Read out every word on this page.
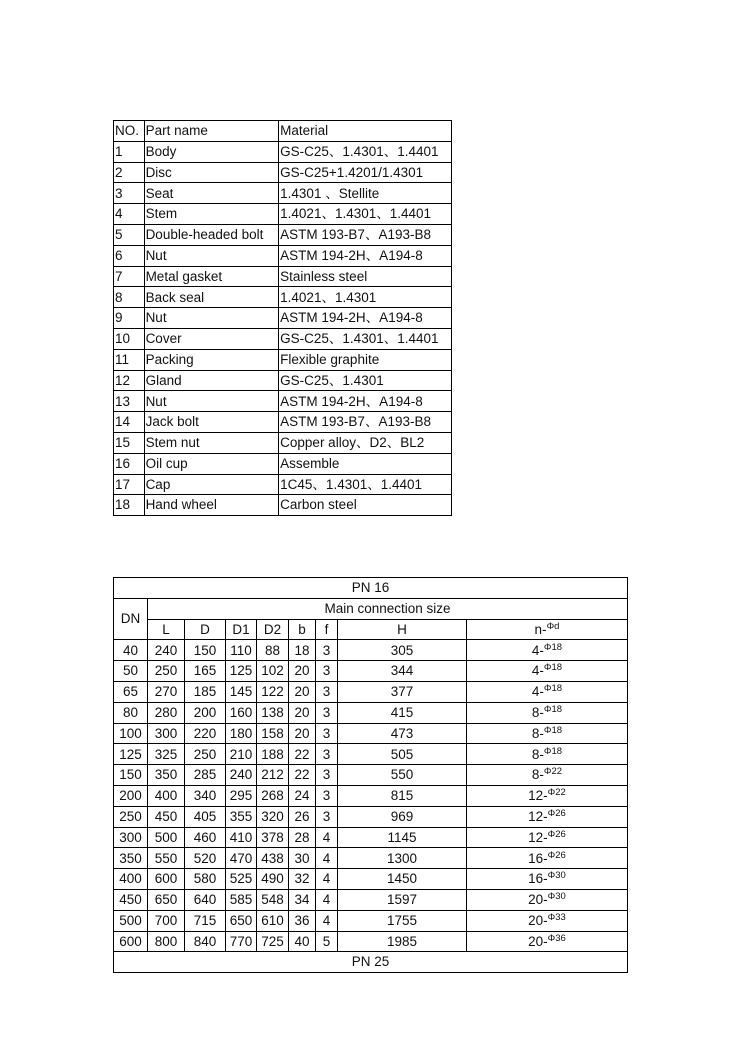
NO.	Part name	Material
1	Body	GS-C25、1.4301、1.4401
2	Disc	GS-C25+1.4201/1.4301
3	Seat	1.4301 、Stellite
4	Stem	1.4021、1.4301、1.4401
5	Double-headed bolt	ASTM 193-B7、A193-B8
6	Nut	ASTM 194-2H、A194-8
7	Metal gasket	Stainless steel
8	Back seal	1.4021、1.4301
9	Nut	ASTM 194-2H、A194-8
10	Cover	GS-C25、1.4301、1.4401
11	Packing	Flexible graphite
12	Gland	GS-C25、1.4301
13	Nut	ASTM 194-2H、A194-8
14	Jack bolt	ASTM 193-B7、A193-B8
15	Stem nut	Copper alloy、D2、BL2
16	Oil cup	Assemble
17	Cap	1C45、1.4301、1.4401
18	Hand wheel	Carbon steel
PN 16								
DN	Main connection size							
	L	D	D1	D2	b	f	H	n-$^{\Phi d}$
40	240	150	110	88	18	3	305	4-$^{\Phi 18}$
50	250	165	125	102	20	3	344	4-$^{\Phi 18}$
65	270	185	145	122	20	3	377	4-$^{\Phi 18}$
80	280	200	160	138	20	3	415	8-$^{\Phi 18}$
100	300	220	180	158	20	3	473	8-$^{\Phi 18}$
125	325	250	210	188	22	3	505	8-$^{\Phi 18}$
150	350	285	240	212	22	3	550	8-$^{\Phi 22}$
200	400	340	295	268	24	3	815	12-$^{\Phi 22}$
250	450	405	355	320	26	3	969	12-$^{\Phi 26}$
300	500	460	410	378	28	4	1145	12-$^{\Phi 26}$
350	550	520	470	438	30	4	1300	16-$^{\Phi 26}$
400	600	580	525	490	32	4	1450	16-$^{\Phi 30}$
450	650	640	585	548	34	4	1597	20-$^{\Phi 30}$
500	700	715	650	610	36	4	1755	20-$^{\Phi 33}$
600	800	840	770	725	40	5	1985	20-$^{\Phi 36}$
PN 25								
